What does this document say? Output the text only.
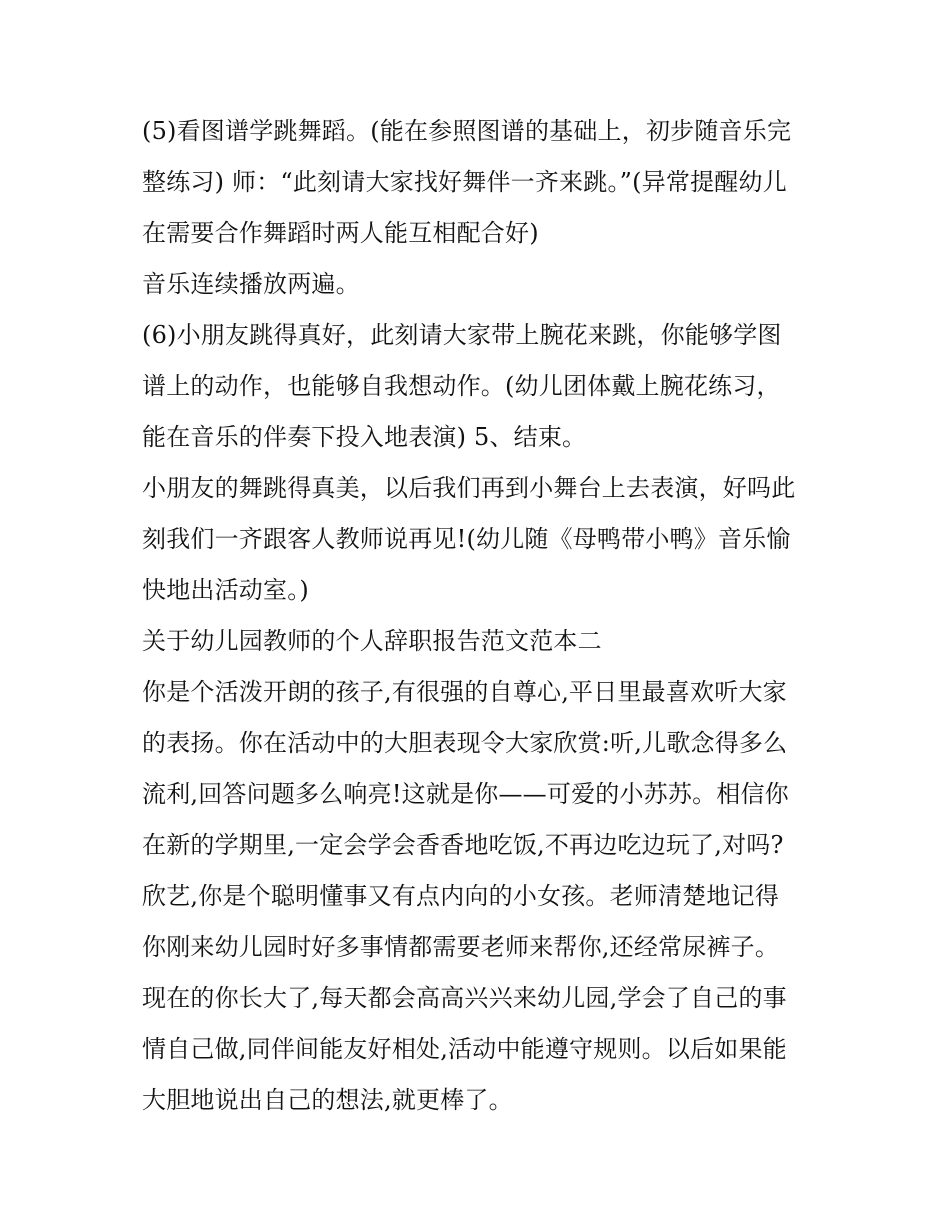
(5)看图谱学跳舞蹈。(能在参照图谱的基础上，初步随音乐完
整练习) 师：“此刻请大家找好舞伴一齐来跳。”(异常提醒幼儿
在需要合作舞蹈时两人能互相配合好)
音乐连续播放两遍。
(6)小朋友跳得真好，此刻请大家带上腕花来跳，你能够学图
谱上的动作，也能够自我想动作。(幼儿团体戴上腕花练习，
能在音乐的伴奏下投入地表演) 5、结束。
小朋友的舞跳得真美，以后我们再到小舞台上去表演，好吗此
刻我们一齐跟客人教师说再见!(幼儿随《母鸭带小鸭》音乐愉
快地出活动室。)
关于幼儿园教师的个人辞职报告范文范本二
你是个活泼开朗的孩子,有很强的自尊心,平日里最喜欢听大家
的表扬。你在活动中的大胆表现令大家欣赏:听,儿歌念得多么
流利,回答问题多么响亮!这就是你——可爱的小苏苏。相信你
在新的学期里,一定会学会香香地吃饭,不再边吃边玩了,对吗?
欣艺,你是个聪明懂事又有点内向的小女孩。老师清楚地记得
你刚来幼儿园时好多事情都需要老师来帮你,还经常尿裤子。
现在的你长大了,每天都会高高兴兴来幼儿园,学会了自己的事
情自己做,同伴间能友好相处,活动中能遵守规则。以后如果能
大胆地说出自己的想法,就更棒了。
